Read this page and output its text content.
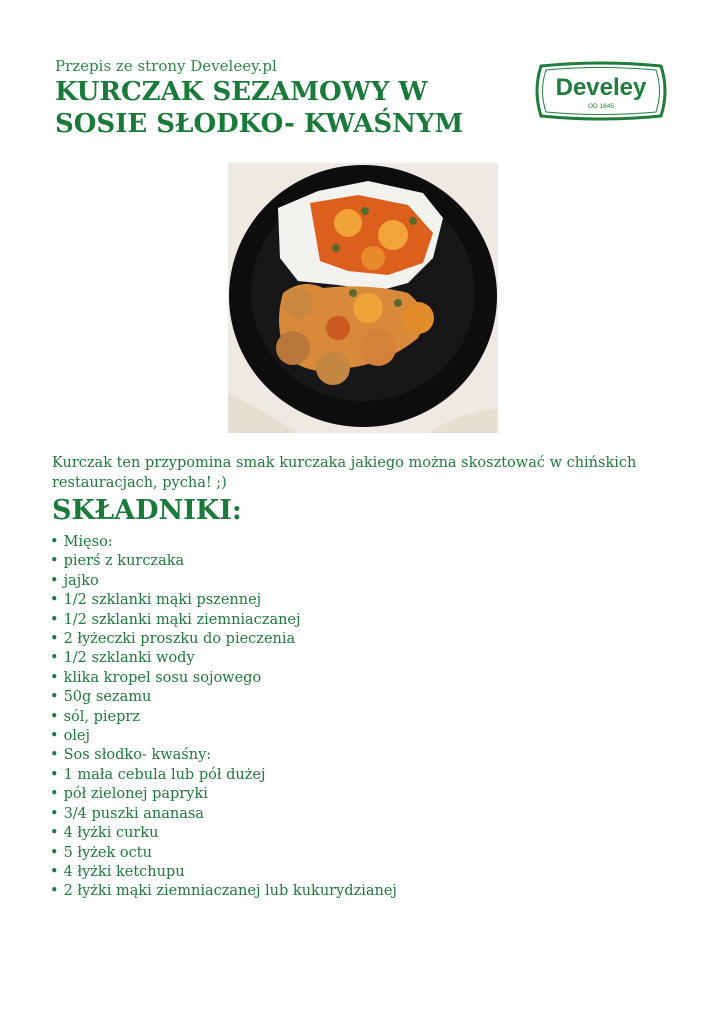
Przepis ze strony Develeey.pl
KURCZAK SEZAMOWY W SOSIE SŁODKO- KWAŚNYM
Develey
OD 1845
Kurczak ten przypomina smak kurczaka jakiego można skosztować w chińskich restauracjach, pycha! ;)
SKŁADNIKI:
• Mięso:
• pierś z kurczaka
• jajko
• 1/2 szklanki mąki pszennej
• 1/2 szklanki mąki ziemniaczanej
• 2 łyżeczki proszku do pieczenia
• 1/2 szklanki wody
• klika kropel sosu sojowego
• 50g sezamu
• sól, pieprz
• olej
• Sos słodko- kwaśny:
• 1 mała cebula lub pół dużej
• pół zielonej papryki
• 3/4 puszki ananasa
• 4 łyżki curku
• 5 łyżek octu
• 4 łyżki ketchupu
• 2 łyżki mąki ziemniaczanej lub kukurydzianej
